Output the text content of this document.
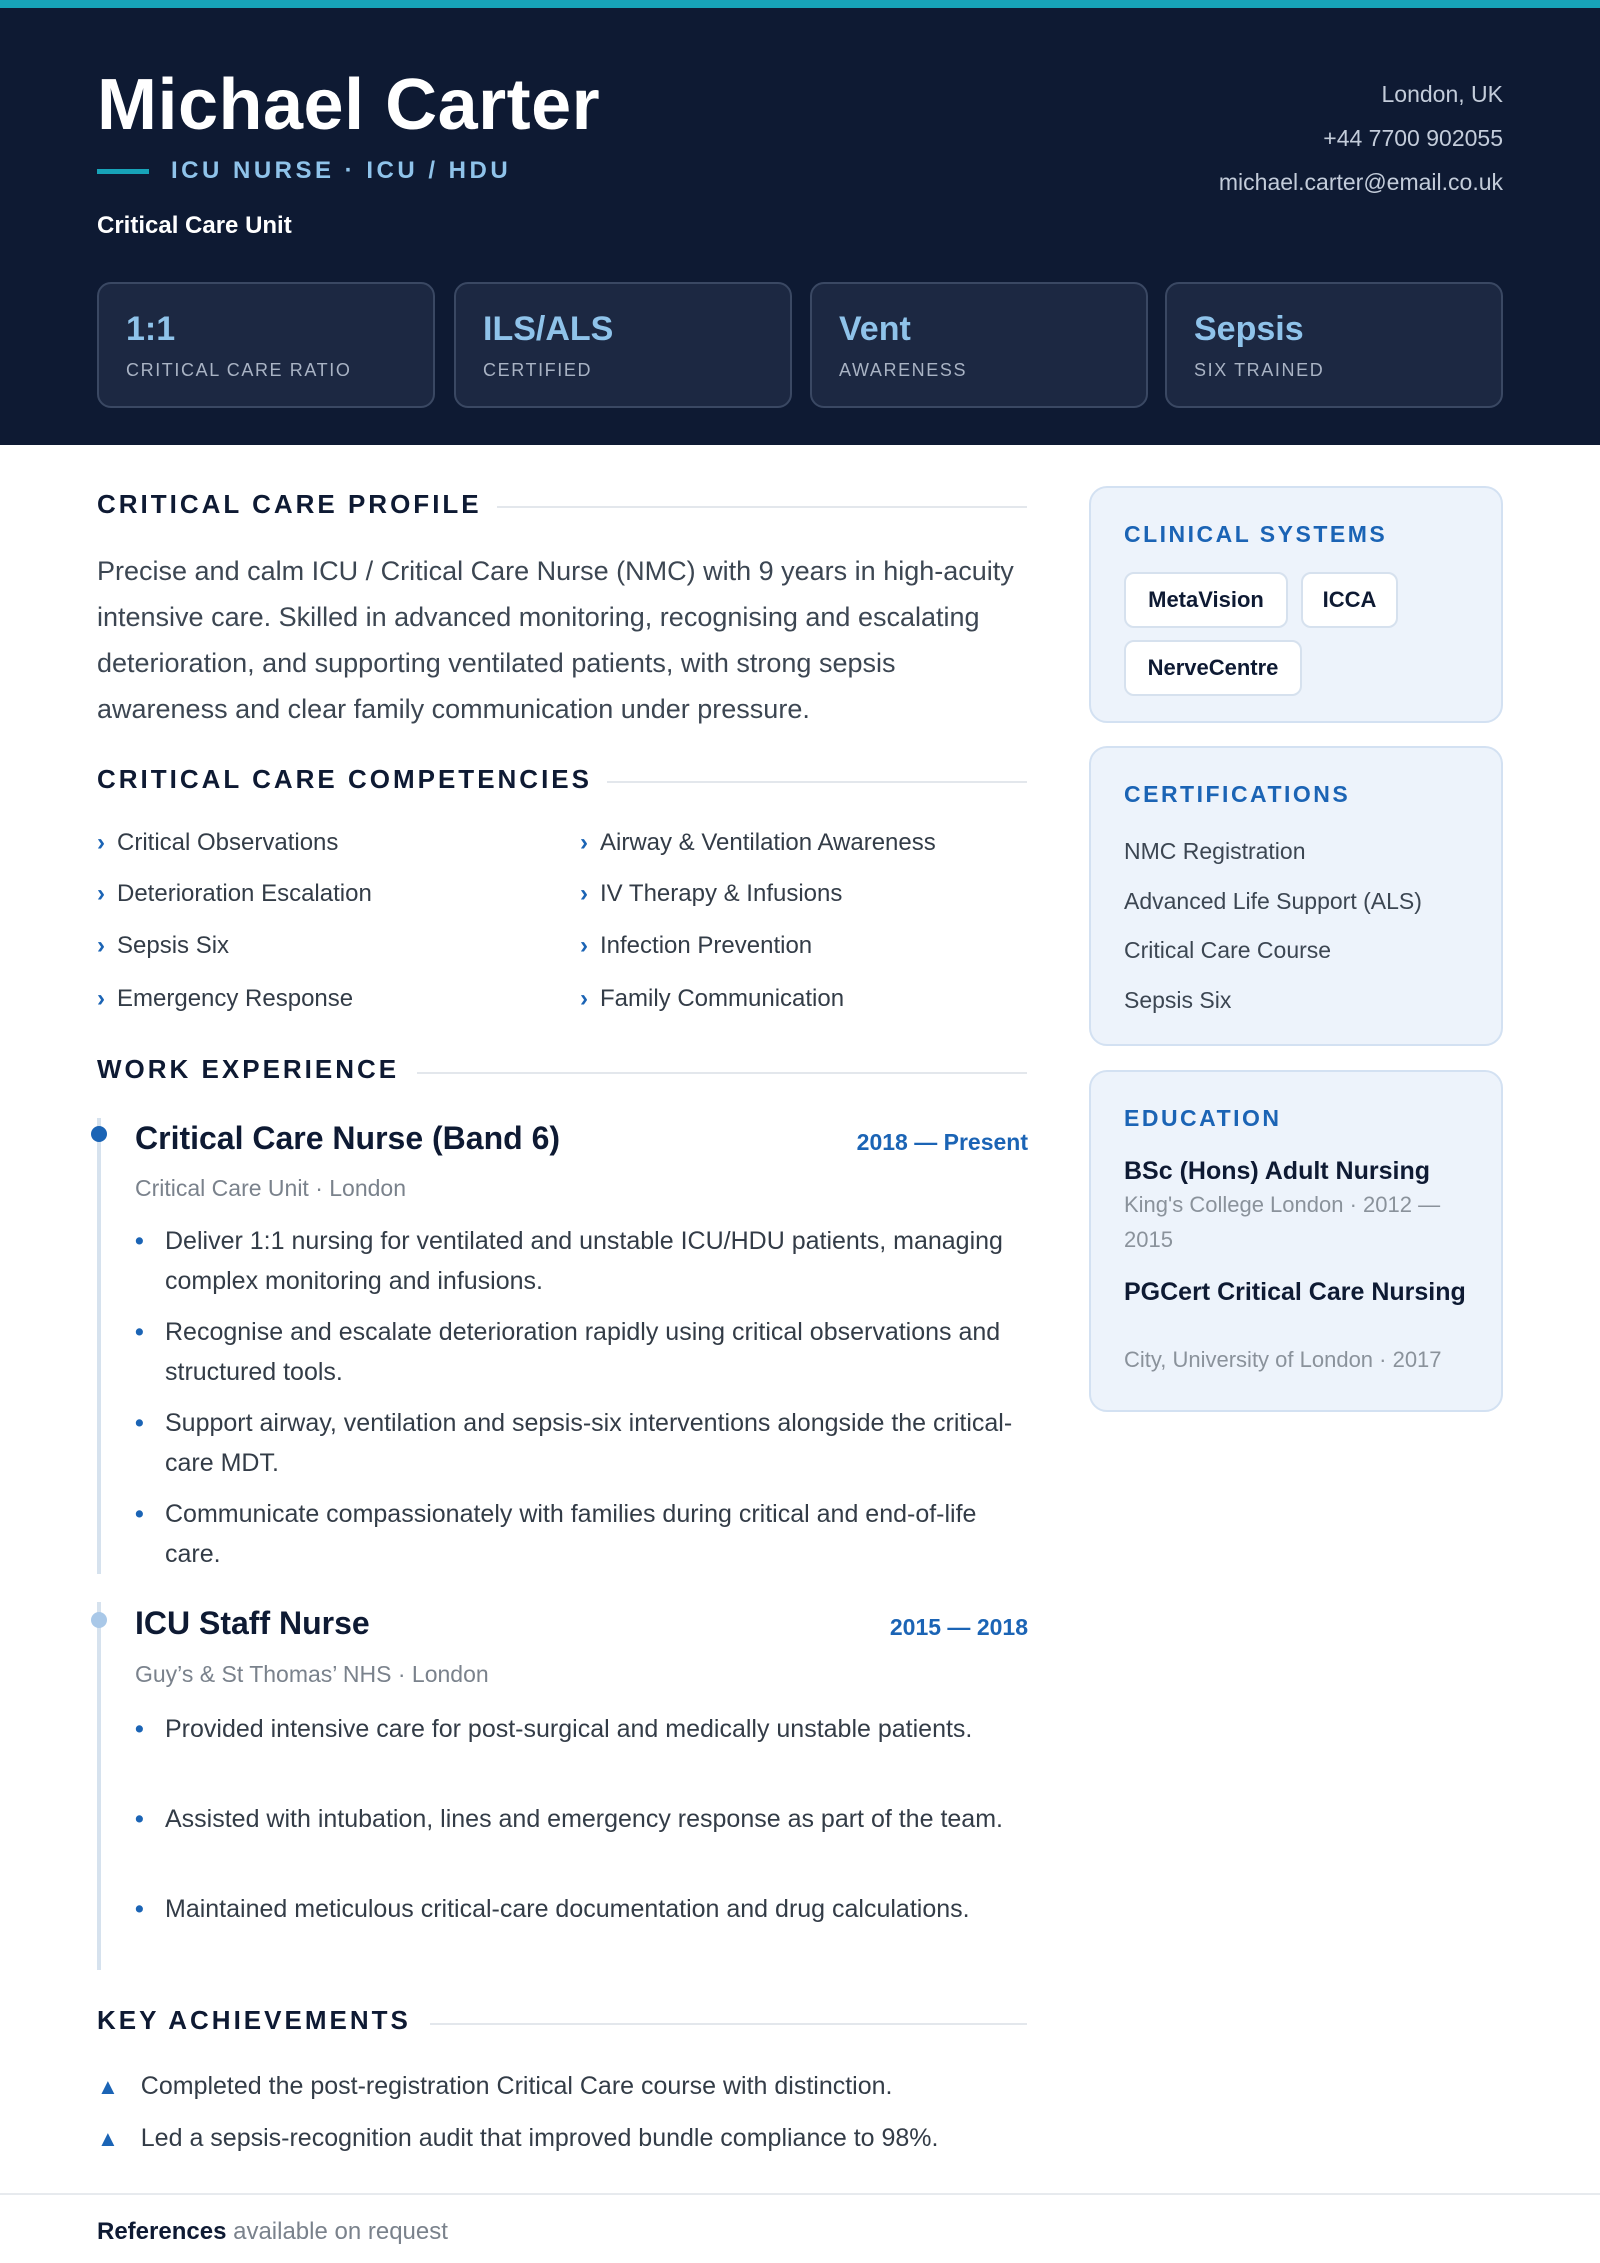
Michael Carter
ICU NURSE · ICU / HDU
Critical Care Unit
London, UK
+44 7700 902055
michael.carter@email.co.uk
1:1
CRITICAL CARE RATIO
ILS/ALS
CERTIFIED
Vent
AWARENESS
Sepsis
SIX TRAINED
CRITICAL CARE PROFILE

Precise and calm ICU / Critical Care Nurse (NMC) with 9 years in high-acuity intensive care. Skilled in advanced monitoring, recognising and escalating deterioration, and supporting ventilated patients, with strong sepsis awareness and clear family communication under pressure.

CRITICAL CARE COMPETENCIES
› Critical Observations	› Airway & Ventilation Awareness
› Deterioration Escalation	› IV Therapy & Infusions
› Sepsis Six	› Infection Prevention
› Emergency Response	› Family Communication
WORK EXPERIENCE
Critical Care Nurse (Band 6)	2018 — Present
Critical Care Unit · London
• Deliver 1:1 nursing for ventilated and unstable ICU/HDU patients, managing complex monitoring and infusions.
• Recognise and escalate deterioration rapidly using critical observations and structured tools.
• Support airway, ventilation and sepsis-six interventions alongside the critical-care MDT.
• Communicate compassionately with families during critical and end-of-life care.
ICU Staff Nurse	2015 — 2018
Guy’s & St Thomas’ NHS · London
• Provided intensive care for post-surgical and medically unstable patients.
• Assisted with intubation, lines and emergency response as part of the team.
• Maintained meticulous critical-care documentation and drug calculations.
KEY ACHIEVEMENTS
▲ Completed the post-registration Critical Care course with distinction.
▲ Led a sepsis-recognition audit that improved bundle compliance to 98%.
References available on request
CLINICAL SYSTEMS
MetaVision	ICCA
NerveCentre
CERTIFICATIONS
NMC Registration
Advanced Life Support (ALS)
Critical Care Course
Sepsis Six
EDUCATION
BSc (Hons) Adult Nursing
King's College London · 2012 — 2015
PGCert Critical Care Nursing
City, University of London · 2017
